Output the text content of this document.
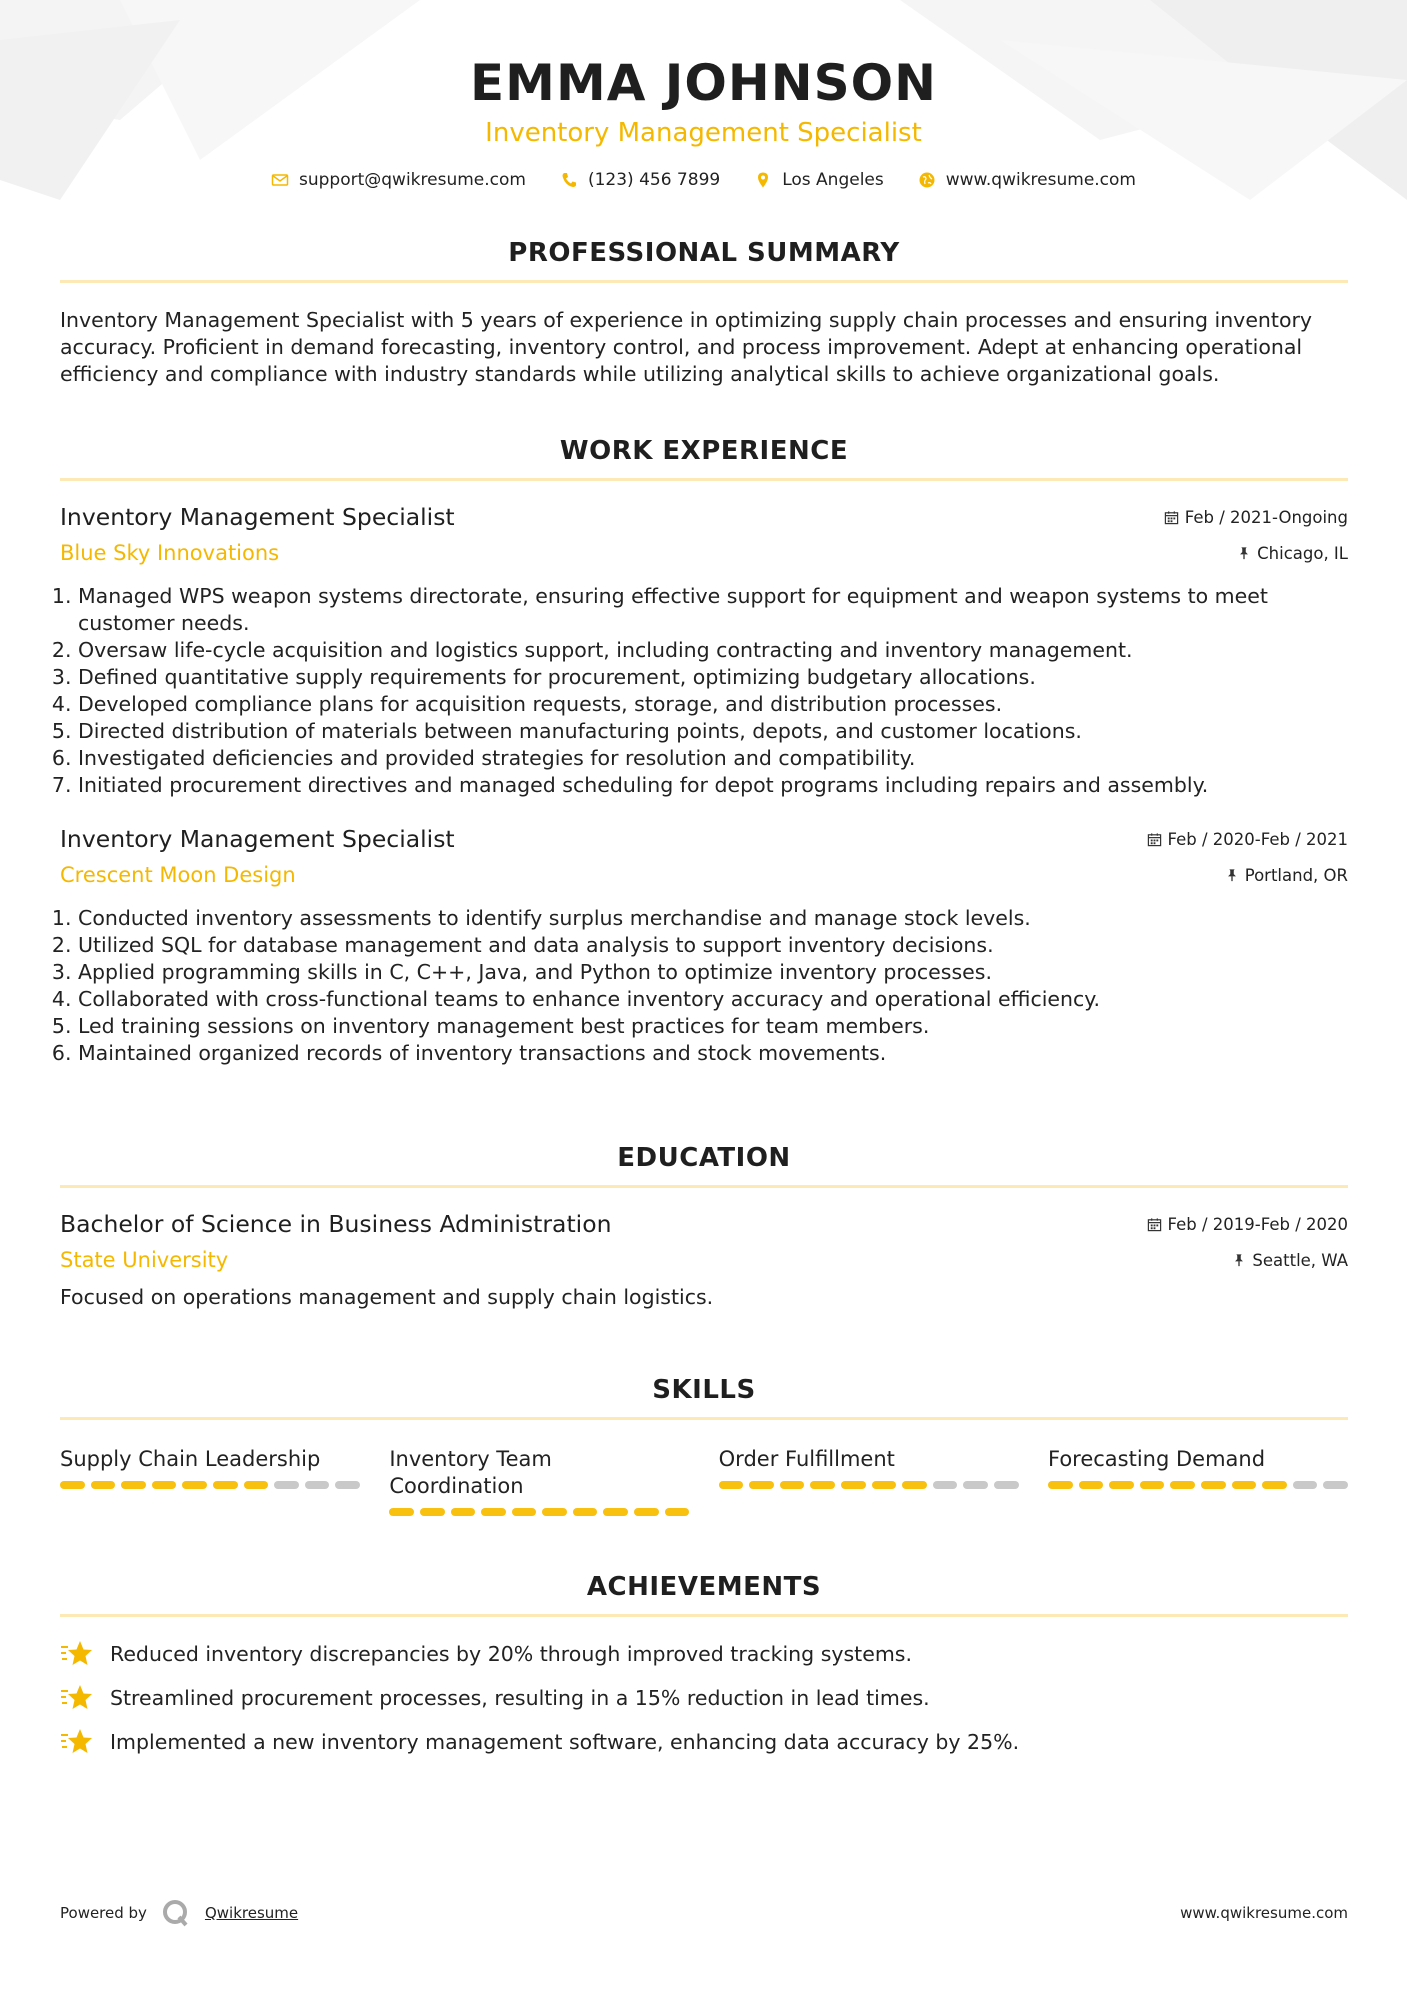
EMMA JOHNSON
Inventory Management Specialist
support@qwikresume.com	(123) 456 7899	Los Angeles	www.qwikresume.com
PROFESSIONAL SUMMARY
Inventory Management Specialist with 5 years of experience in optimizing supply chain processes and ensuring inventory accuracy. Proficient in demand forecasting, inventory control, and process improvement. Adept at enhancing operational efficiency and compliance with industry standards while utilizing analytical skills to achieve organizational goals.
WORK EXPERIENCE
Inventory Management Specialist	Feb / 2021-Ongoing
Blue Sky Innovations	Chicago, IL
1. Managed WPS weapon systems directorate, ensuring effective support for equipment and weapon systems to meet customer needs.
2. Oversaw life-cycle acquisition and logistics support, including contracting and inventory management.
3. Defined quantitative supply requirements for procurement, optimizing budgetary allocations.
4. Developed compliance plans for acquisition requests, storage, and distribution processes.
5. Directed distribution of materials between manufacturing points, depots, and customer locations.
6. Investigated deficiencies and provided strategies for resolution and compatibility.
7. Initiated procurement directives and managed scheduling for depot programs including repairs and assembly.
Inventory Management Specialist	Feb / 2020-Feb / 2021
Crescent Moon Design	Portland, OR
1. Conducted inventory assessments to identify surplus merchandise and manage stock levels.
2. Utilized SQL for database management and data analysis to support inventory decisions.
3. Applied programming skills in C, C++, Java, and Python to optimize inventory processes.
4. Collaborated with cross-functional teams to enhance inventory accuracy and operational efficiency.
5. Led training sessions on inventory management best practices for team members.
6. Maintained organized records of inventory transactions and stock movements.
EDUCATION
Bachelor of Science in Business Administration	Feb / 2019-Feb / 2020
State University	Seattle, WA
Focused on operations management and supply chain logistics.
SKILLS
Supply Chain Leadership	Inventory Team Coordination
Order Fulfillment	Forecasting Demand
ACHIEVEMENTS
Reduced inventory discrepancies by 20% through improved tracking systems.
Streamlined procurement processes, resulting in a 15% reduction in lead times.
Implemented a new inventory management software, enhancing data accuracy by 25%.
Powered by	Qwikresume	www.qwikresume.com
